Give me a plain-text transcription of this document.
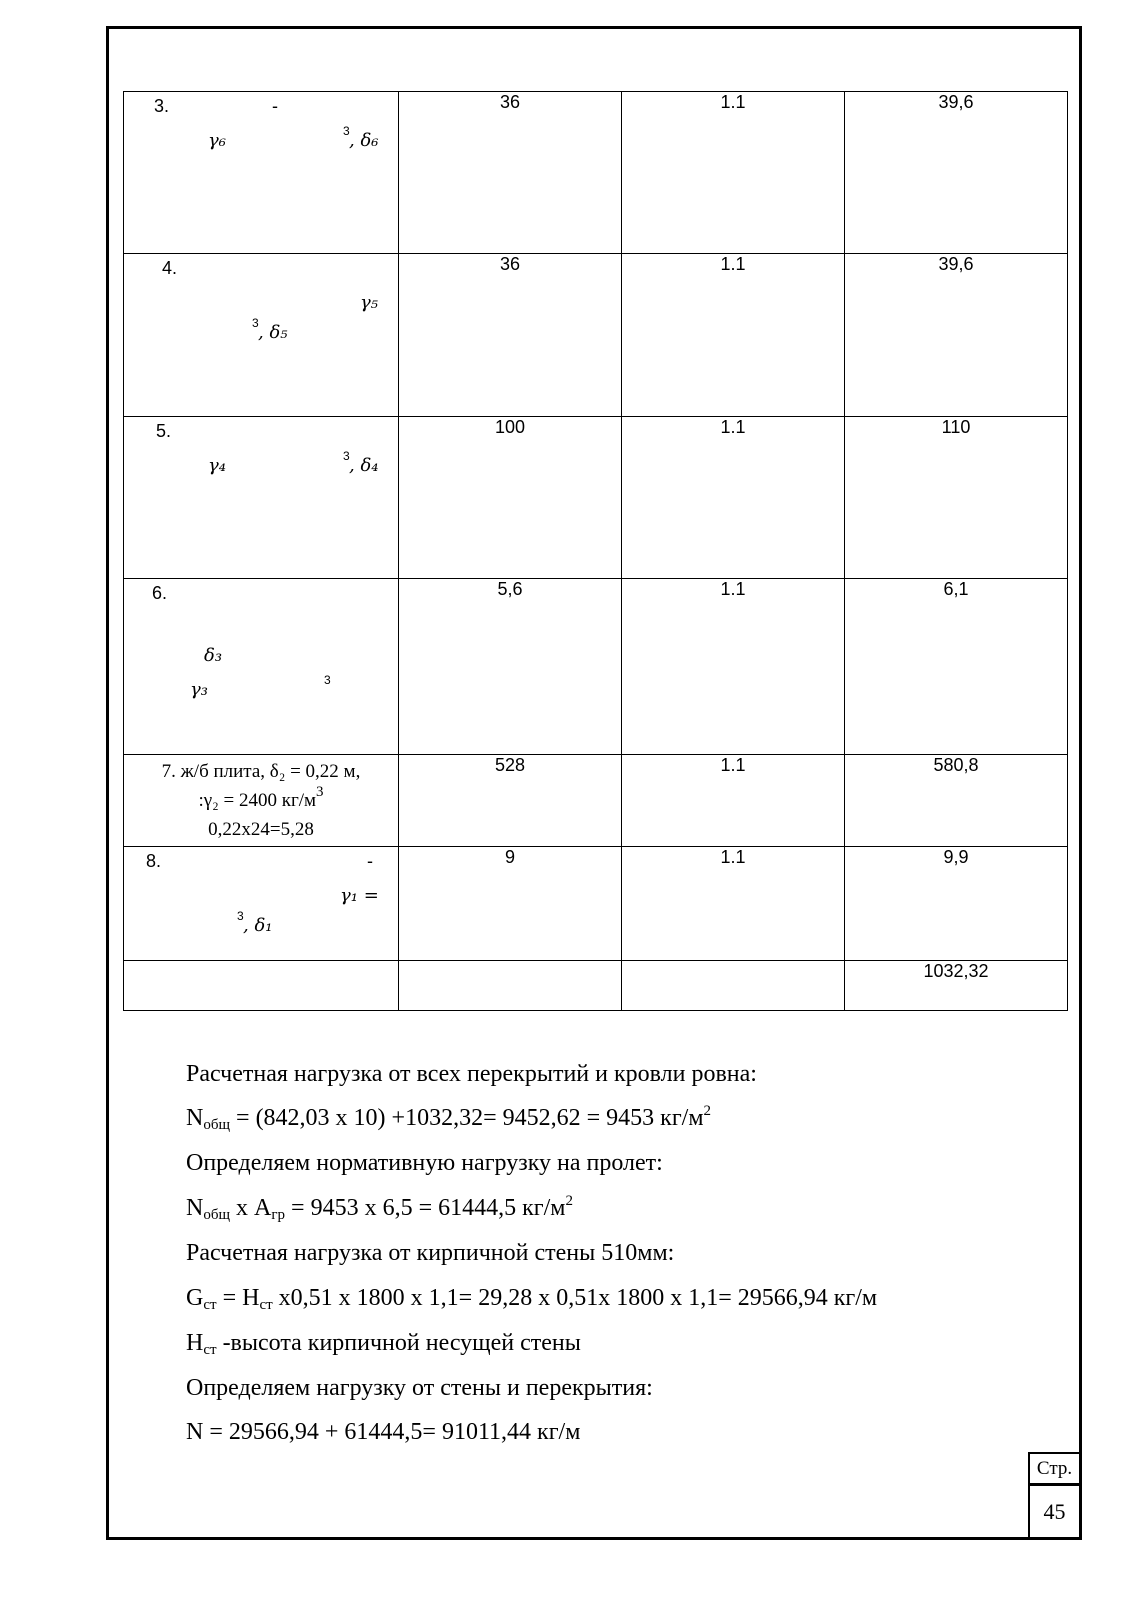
3. -
γ₆ 3 , δ₆	36	1.1	39,6

4.
γ₅
3 , δ₅	36	1.1	39,6

5.
γ₄ 3 , δ₄	100	1.1	110

6.
δ₃
γ₃ 3	5,6	1.1	6,1

7. ж/б плита, δ₂ = 0,22 м,
:γ₂ = 2400 $кг/м^3$
0,22х24=5,28	528	1.1	580,8

8. -
γ₁ =
3 , δ₁	9	1.1	9,9
			1032,32
Расчетная нагрузка от всех перекрытий и кровли ровна:
$N_{общ} = (842,03$ х 10) +1032,32= 9452,62 = 9453 $кг/м^2$
Определяем нормативную нагрузку на пролет:
$N_{общ}$ х $A_{гр} = 9453$ х 6,5 = 61444,5 $кг/м^2$
Расчетная нагрузка от кирпичной стены 510мм:
$G_{ст} = H_{ст}$ х0,51 х 1800 х 1,1= 29,28 х 0,51х 1800 х 1,1= 29566,94 кг/м
$H_{ст}$ -высота кирпичной несущей стены
Определяем нагрузку от стены и перекрытия:
N = 29566,94 + 61444,5= 91011,44 кг/м
Стр.
45
